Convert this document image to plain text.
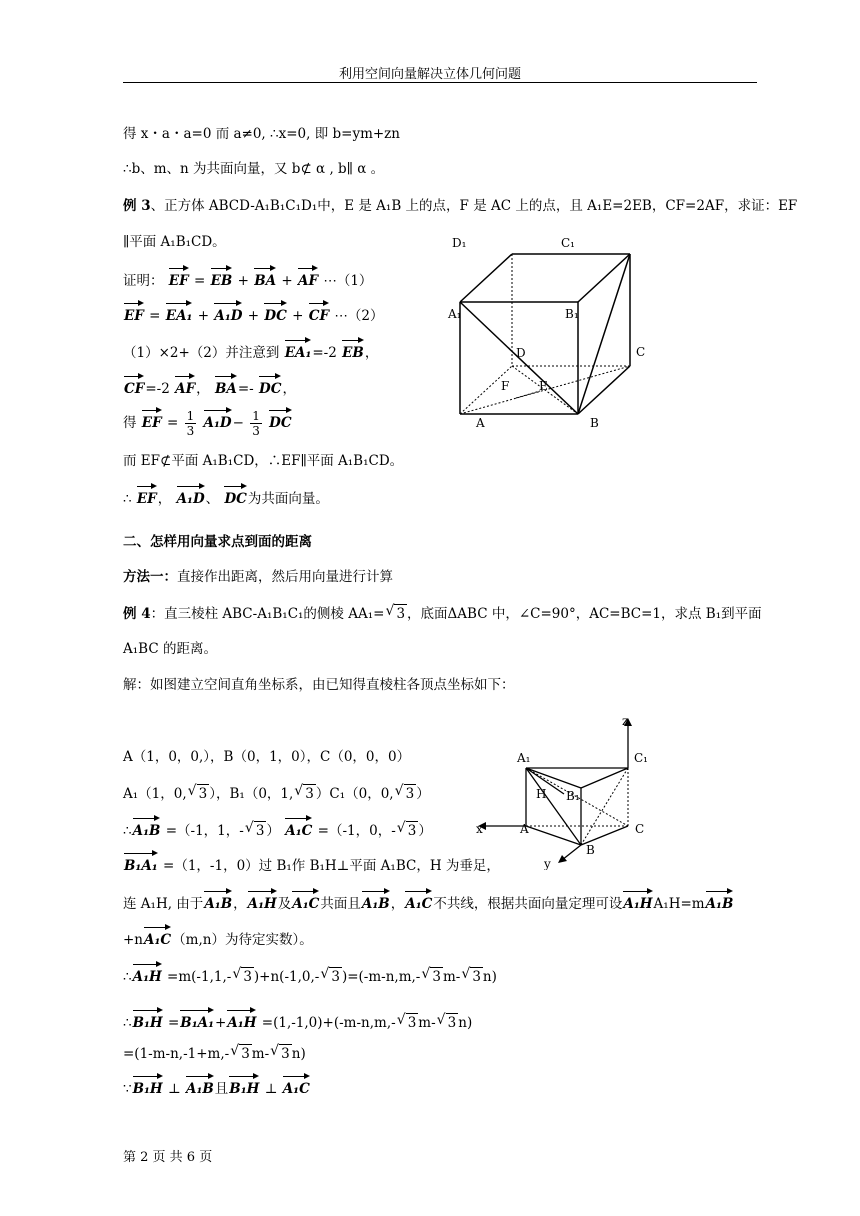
利用空间向量解决立体几何问题
得 x・a・a=0 而 a≠0, ∴x=0, 即 b=ym+zn
∴b、m、n 为共面向量，又 b⊄ α , b∥ α 。
例 3、正方体 ABCD-A₁B₁C₁D₁中，E 是 A₁B 上的点，F 是 AC 上的点，且 A₁E=2EB，CF=2AF，求证：EF
∥平面 A₁B₁CD。
证明： EF = EB + BA + AF ⋯（1）
EF = EA₁ + A₁D + DC + CF ⋯（2）
（1）×2+（2）并注意到 EA₁=-2 EB，
CF=-2 AF， BA=- DC，
得 EF = $\frac{1}{3} A_1D- \frac{1}{3}$ DC
而 EF⊄平面 A₁B₁CD，∴EF∥平面 A₁B₁CD。
∴ EF， A₁D、 DC为共面向量。
D₁	C₁
A₁	B₁
D	C
F E
A	B
二、怎样用向量求点到面的距离
方法一：直接作出距离，然后用向量进行计算
例 4：直三棱柱 ABC-A₁B₁C₁的侧棱 AA₁= √ 3 ，底面ΔABC 中，∠C=90°，AC=BC=1，求点 B₁到平面
A₁BC 的距离。
解：如图建立空间直角坐标系，由已知得直棱柱各顶点坐标如下：
A（1，0，0,），B（0，1，0），C（0，0，0）
A₁（1，0, √ 3 ），B₁（0，1, √ 3 ）C₁（0，0, √ 3 ）
∴A₁B =（-1，1，- √ 3 ） A₁C =（-1，0，- √ 3 ）
B₁A₁ =（1，-1，0）过 B₁作 B₁H⊥平面 A₁BC，H 为垂足，
连 A₁H, 由于A₁B，A₁H及A₁C共面且A₁B，A₁C不共线，根据共面向量定理可设A₁HA₁H=mA₁B
+nA₁C（m,n）为待定实数）。
∴A₁H =m(-1,1,- √ 3 )+n(-1,0,- √ 3 )=(-m-n,m,- √ 3 m- √ 3 n)
∴B₁H =B₁A₁+A₁H =(1,-1,0)+(-m-n,m,- √ 3 m- √ 3 n)
=(1-m-n,-1+m,- √ 3 m- √ 3 n)
∵B₁H ⊥ A₁B且B₁H ⊥ A₁C
z
A₁	C₁
H B₁
x	A	C
B
y
第 2 页 共 6 页
